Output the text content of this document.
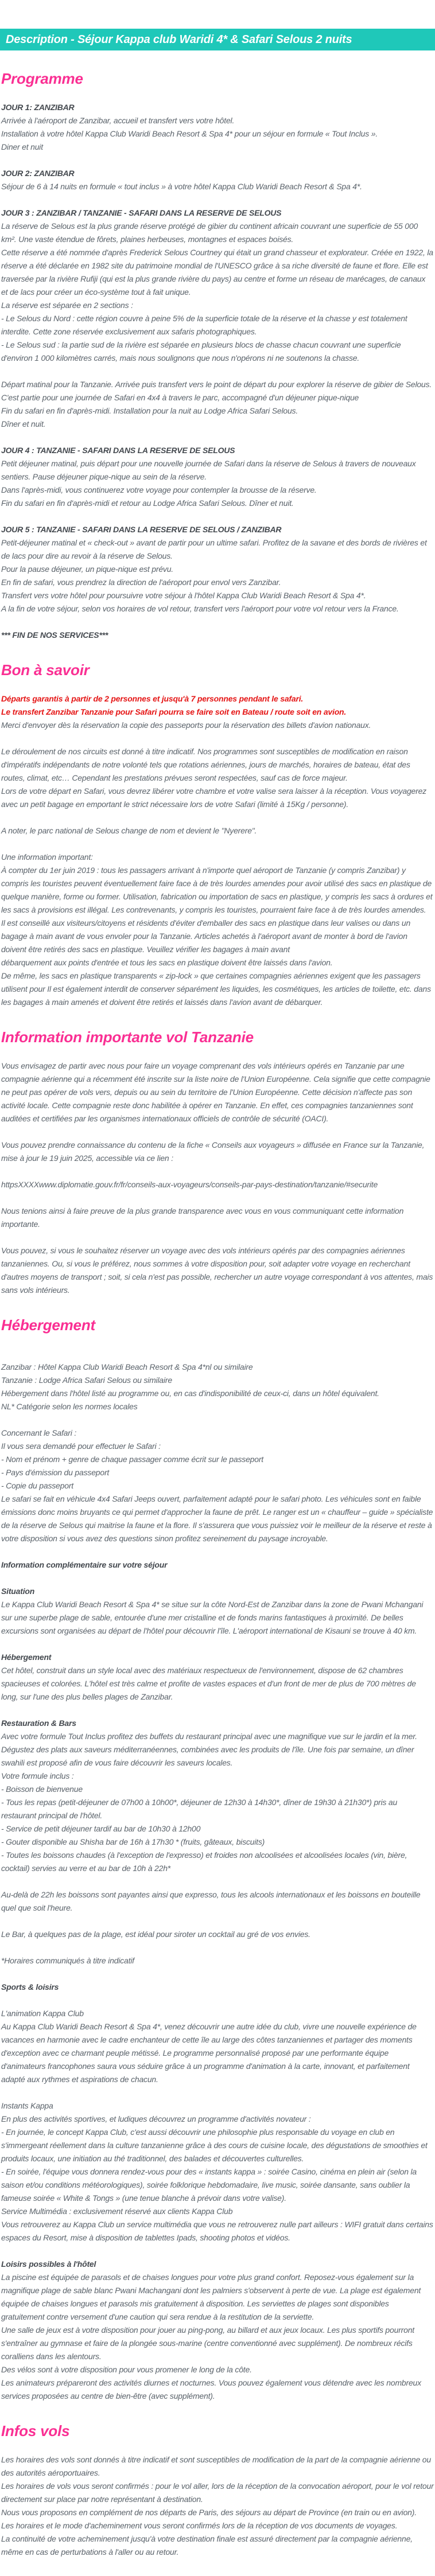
Description - Séjour Kappa club Waridi 4* & Safari Selous 2 nuits
Programme

JOUR 1: ZANZIBAR

Arrivée à l'aéroport de Zanzibar, accueil et transfert vers votre hôtel.

Installation à votre hôtel Kappa Club Waridi Beach Resort & Spa 4* pour un séjour en formule « Tout Inclus ».

Diner et nuit

JOUR 2: ZANZIBAR

Séjour de 6 à 14 nuits en formule « tout inclus » à votre hôtel Kappa Club Waridi Beach Resort & Spa 4*.

JOUR 3 : ZANZIBAR / TANZANIE - SAFARI DANS LA RESERVE DE SELOUS

La réserve de Selous est la plus grande réserve protégé de gibier du continent africain couvrant une superficie de 55 000 km². Une vaste étendue de fôrets, plaines herbeuses, montagnes et espaces boisés.

Cette réserve a été nommée d'après Frederick Selous Courtney qui était un grand chasseur et explorateur. Créée en 1922, la réserve a été déclarée en 1982 site du patrimoine mondial de l'UNESCO grâce à sa riche diversité de faune et flore. Elle est traversée par la rivière Rufiji (qui est la plus grande rivière du pays) au centre et forme un réseau de marécages, de canaux et de lacs pour créer un éco-système tout à fait unique.

La réserve est séparée en 2 sections :

- Le Selous du Nord : cette région couvre à peine 5% de la superficie totale de la réserve et la chasse y est totalement interdite. Cette zone réservée exclusivement aux safaris photographiques.

- Le Selous sud : la partie sud de la rivière est séparée en plusieurs blocs de chasse chacun couvrant une superficie d'environ 1 000 kilomètres carrés, mais nous soulignons que nous n'opérons ni ne soutenons la chasse.

Départ matinal pour la Tanzanie. Arrivée puis transfert vers le point de départ du pour explorer la réserve de gibier de Selous. C'est partie pour une journée de Safari en 4x4 à travers le parc, accompagné d'un déjeuner pique-nique

Fin du safari en fin d'après-midi. Installation pour la nuit au Lodge Africa Safari Selous.

Dîner et nuit.

JOUR 4 : TANZANIE - SAFARI DANS LA RESERVE DE SELOUS

Petit déjeuner matinal, puis départ pour une nouvelle journée de Safari dans la réserve de Selous à travers de nouveaux sentiers. Pause déjeuner pique-nique au sein de la réserve.

Dans l'après-midi, vous continuerez votre voyage pour contempler la brousse de la réserve.

Fin du safari en fin d'après-midi et retour au Lodge Africa Safari Selous. Dîner et nuit.

JOUR 5 : TANZANIE - SAFARI DANS LA RESERVE DE SELOUS / ZANZIBAR

Petit-déjeuner matinal et « check-out » avant de partir pour un ultime safari. Profitez de la savane et des bords de rivières et de lacs pour dire au revoir à la réserve de Selous.

Pour la pause déjeuner, un pique-nique est prévu.

En fin de safari, vous prendrez la direction de l'aéroport pour envol vers Zanzibar.

Transfert vers votre hôtel pour poursuivre votre séjour à l'hôtel Kappa Club Waridi Beach Resort & Spa 4*.

A la fin de votre séjour, selon vos horaires de vol retour, transfert vers l'aéroport pour votre vol retour vers la France.

*** FIN DE NOS SERVICES***

Bon à savoir

Départs garantis à partir de 2 personnes et jusqu'à 7 personnes pendant le safari.

Le transfert Zanzibar Tanzanie pour Safari pourra se faire soit en Bateau / route soit en avion.

Merci d'envoyer dès la réservation la copie des passeports pour la réservation des billets d'avion nationaux.

Le déroulement de nos circuits est donné à titre indicatif. Nos programmes sont susceptibles de modification en raison d'impératifs indépendants de notre volonté tels que rotations aériennes, jours de marchés, horaires de bateau, état des routes, climat, etc… Cependant les prestations prévues seront respectées, sauf cas de force majeur.

Lors de votre départ en Safari, vous devrez libérer votre chambre et votre valise sera laisser à la réception. Vous voyagerez avec un petit bagage en emportant le strict nécessaire lors de votre Safari (limité à 15Kg / personne).

A noter, le parc national de Selous change de nom et devient le "Nyerere".

Une information important:

À compter du 1er juin 2019 : tous les passagers arrivant à n'importe quel aéroport de Tanzanie (y compris Zanzibar) y compris les touristes peuvent éventuellement faire face à de très lourdes amendes pour avoir utilisé des sacs en plastique de quelque manière, forme ou former. Utilisation, fabrication ou importation de sacs en plastique, y compris les sacs à ordures et les sacs à provisions est illégal. Les contrevenants, y compris les touristes, pourraient faire face à de très lourdes amendes.

Il est conseillé aux visiteurs/citoyens et résidents d'éviter d'emballer des sacs en plastique dans leur valises ou dans un bagage à main avant de vous envoler pour la Tanzanie. Articles achetés à l'aéroport avant de monter à bord de l'avion doivent être retirés des sacs en plastique. Veuillez vérifier les bagages à main avant

débarquement aux points d'entrée et tous les sacs en plastique doivent être laissés dans l'avion.

De même, les sacs en plastique transparents « zip-lock » que certaines compagnies aériennes exigent que les passagers utilisent pour Il est également interdit de conserver séparément les liquides, les cosmétiques, les articles de toilette, etc. dans les bagages à main amenés et doivent être retirés et laissés dans l'avion avant de débarquer.

Information importante vol Tanzanie

Vous envisagez de partir avec nous pour faire un voyage comprenant des vols intérieurs opérés en Tanzanie par une compagnie aérienne qui a récemment été inscrite sur la liste noire de l'Union Européenne. Cela signifie que cette compagnie ne peut pas opérer de vols vers, depuis ou au sein du territoire de l'Union Européenne. Cette décision n'affecte pas son activité locale. Cette compagnie reste donc habilitée à opérer en Tanzanie. En effet, ces compagnies tanzaniennes sont auditées et certifiées par les organismes internationaux officiels de contrôle de sécurité (OACI).

Vous pouvez prendre connaissance du contenu de la fiche « Conseils aux voyageurs » diffusée en France sur la Tanzanie, mise à jour le 19 juin 2025, accessible via ce lien :

httpsXXXXwww.diplomatie.gouv.fr/fr/conseils-aux-voyageurs/conseils-par-pays-destination/tanzanie/#securite

Nous tenions ainsi à faire preuve de la plus grande transparence avec vous en vous communiquant cette information importante.

Vous pouvez, si vous le souhaitez réserver un voyage avec des vols intérieurs opérés par des compagnies aériennes tanzaniennes. Ou, si vous le préférez, nous sommes à votre disposition pour, soit adapter votre voyage en recherchant d'autres moyens de transport ; soit, si cela n'est pas possible, rechercher un autre voyage correspondant à vos attentes, mais sans vols intérieurs.

Hébergement

Zanzibar : Hôtel Kappa Club Waridi Beach Resort & Spa 4*nl ou similaire

Tanzanie : Lodge Africa Safari Selous ou similaire

Hébergement dans l'hôtel listé au programme ou, en cas d'indisponibilité de ceux-ci, dans un hôtel équivalent.

NL* Catégorie selon les normes locales

Concernant le Safari :

Il vous sera demandé pour effectuer le Safari :

- Nom et prénom + genre de chaque passager comme écrit sur le passeport

- Pays d'émission du passeport

- Copie du passeport

Le safari se fait en véhicule 4x4 Safari Jeeps ouvert, parfaitement adapté pour le safari photo. Les véhicules sont en faible émissions donc moins bruyants ce qui permet d'approcher la faune de prêt. Le ranger est un « chauffeur – guide » spécialiste de la réserve de Selous qui maitrise la faune et la flore. Il s'assurera que vous puissiez voir le meilleur de la réserve et reste à votre disposition si vous avez des questions sinon profitez sereinement du paysage incroyable.

Information complémentaire sur votre séjour

Situation

Le Kappa Club Waridi Beach Resort & Spa 4* se situe sur la côte Nord-Est de Zanzibar dans la zone de Pwani Mchangani sur une superbe plage de sable, entourée d'une mer cristalline et de fonds marins fantastiques à proximité. De belles excursions sont organisées au départ de l'hôtel pour découvrir l'île. L'aéroport international de Kisauni se trouve à 40 km.

Hébergement

Cet hôtel, construit dans un style local avec des matériaux respectueux de l'environnement, dispose de 62 chambres spacieuses et colorées. L'hôtel est très calme et profite de vastes espaces et d'un front de mer de plus de 700 mètres de long, sur l'une des plus belles plages de Zanzibar.

Restauration & Bars

Avec votre formule Tout Inclus profitez des buffets du restaurant principal avec une magnifique vue sur le jardin et la mer. Dégustez des plats aux saveurs méditerranéennes, combinées avec les produits de l'île. Une fois par semaine, un dîner swahili est proposé afin de vous faire découvrir les saveurs locales.

Votre formule inclus :

- Boisson de bienvenue

- Tous les repas (petit-déjeuner de 07h00 à 10h00*, déjeuner de 12h30 à 14h30*, dîner de 19h30 à 21h30*) pris au restaurant principal de l'hôtel.

- Service de petit déjeuner tardif au bar de 10h30 à 12h00

- Gouter disponible au Shisha bar de 16h à 17h30 * (fruits, gâteaux, biscuits)

- Toutes les boissons chaudes (à l'exception de l'expresso) et froides non alcoolisées et alcoolisées locales (vin, bière, cocktail) servies au verre et au bar de 10h à 22h*

Au-delà de 22h les boissons sont payantes ainsi que expresso, tous les alcools internationaux et les boissons en bouteille quel que soit l'heure.

Le Bar, à quelques pas de la plage, est idéal pour siroter un cocktail au gré de vos envies.

*Horaires communiqués à titre indicatif

Sports & loisirs

L'animation Kappa Club

Au Kappa Club Waridi Beach Resort & Spa 4*, venez découvrir une autre idée du club, vivre une nouvelle expérience de vacances en harmonie avec le cadre enchanteur de cette île au large des côtes tanzaniennes et partager des moments d'exception avec ce charmant peuple métissé. Le programme personnalisé proposé par une performante équipe d'animateurs francophones saura vous séduire grâce à un programme d'animation à la carte, innovant, et parfaitement adapté aux rythmes et aspirations de chacun.

Instants Kappa

En plus des activités sportives, et ludiques découvrez un programme d'activités novateur :

- En journée, le concept Kappa Club, c'est aussi découvrir une philosophie plus responsable du voyage en club en s'immergeant réellement dans la culture tanzanienne grâce à des cours de cuisine locale, des dégustations de smoothies et produits locaux, une initiation au thé traditionnel, des balades et découvertes culturelles.

- En soirée, l'équipe vous donnera rendez-vous pour des « instants kappa » : soirée Casino, cinéma en plein air (selon la saison et/ou conditions météorologiques), soirée folklorique hebdomadaire, live music, soirée dansante, sans oublier la fameuse soirée « White & Tongs » (une tenue blanche à prévoir dans votre valise).

Service Multimédia : exclusivement réservé aux clients Kappa Club

Vous retrouverez au Kappa Club un service multimédia que vous ne retrouverez nulle part ailleurs : WIFI gratuit dans certains espaces du Resort, mise à disposition de tablettes Ipads, shooting photos et vidéos.

Loisirs possibles à l'hôtel

La piscine est équipée de parasols et de chaises longues pour votre plus grand confort. Reposez-vous également sur la magnifique plage de sable blanc Pwani Machangani dont les palmiers s'observent à perte de vue. La plage est également équipée de chaises longues et parasols mis gratuitement à disposition. Les serviettes de plages sont disponibles gratuitement contre versement d'une caution qui sera rendue à la restitution de la serviette.

Une salle de jeux est à votre disposition pour jouer au ping-pong, au billard et aux jeux locaux. Les plus sportifs pourront s'entraîner au gymnase et faire de la plongée sous-marine (centre conventionné avec supplément). De nombreux récifs coralliens dans les alentours.

Des vélos sont à votre disposition pour vous promener le long de la côte.

Les animateurs prépareront des activités diurnes et nocturnes. Vous pouvez également vous détendre avec les nombreux services proposées au centre de bien-être (avec supplément).

Infos vols

Les horaires des vols sont donnés à titre indicatif et sont susceptibles de modification de la part de la compagnie aérienne ou des autorités aéroportuaires.

Les horaires de vols vous seront confirmés : pour le vol aller, lors de la réception de la convocation aéroport, pour le vol retour directement sur place par notre représentant à destination.

Nous vous proposons en complément de nos départs de Paris, des séjours au départ de Province (en train ou en avion).

Les horaires et le mode d'acheminement vous seront confirmés lors de la réception de vos documents de voyages.

La continuité de votre acheminement jusqu'à votre destination finale est assuré directement par la compagnie aérienne, même en cas de perturbations à l'aller ou au retour.
